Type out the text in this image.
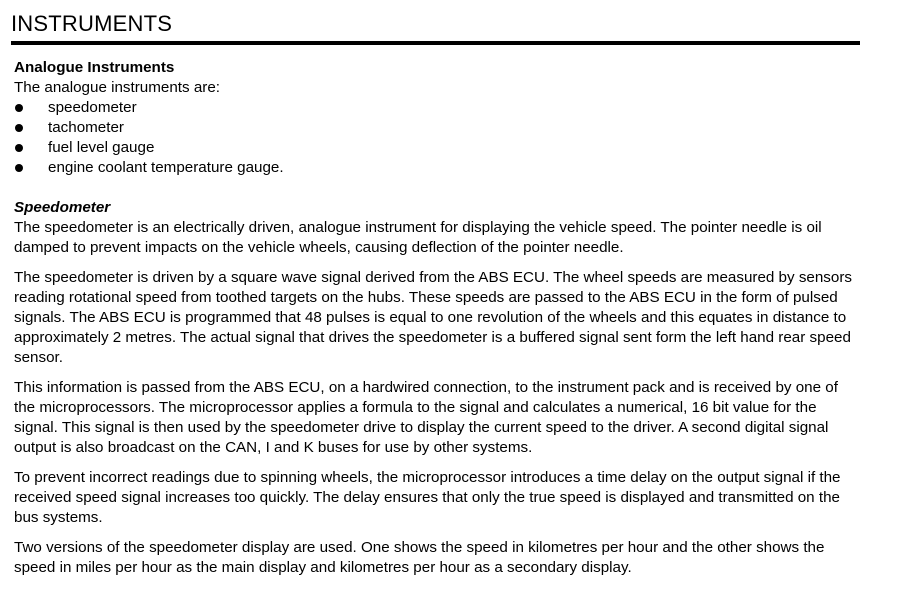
INSTRUMENTS

Analogue Instruments

The analogue instruments are:

speedometer
tachometer
fuel level gauge
engine coolant temperature gauge.

Speedometer

The speedometer is an electrically driven, analogue instrument for displaying the vehicle speed. The pointer needle is oil damped to prevent impacts on the vehicle wheels, causing deflection of the pointer needle.

The speedometer is driven by a square wave signal derived from the ABS ECU. The wheel speeds are measured by sensors reading rotational speed from toothed targets on the hubs. These speeds are passed to the ABS ECU in the form of pulsed signals. The ABS ECU is programmed that 48 pulses is equal to one revolution of the wheels and this equates in distance to approximately 2 metres. The actual signal that drives the speedometer is a buffered signal sent form the left hand rear speed sensor.

This information is passed from the ABS ECU, on a hardwired connection, to the instrument pack and is received by one of the microprocessors. The microprocessor applies a formula to the signal and calculates a numerical, 16 bit value for the signal. This signal is then used by the speedometer drive to display the current speed to the driver. A second digital signal output is also broadcast on the CAN, I and K buses for use by other systems.

To prevent incorrect readings due to spinning wheels, the microprocessor introduces a time delay on the output signal if the received speed signal increases too quickly. The delay ensures that only the true speed is displayed and transmitted on the bus systems.

Two versions of the speedometer display are used. One shows the speed in kilometres per hour and the other shows the speed in miles per hour as the main display and kilometres per hour as a secondary display.
